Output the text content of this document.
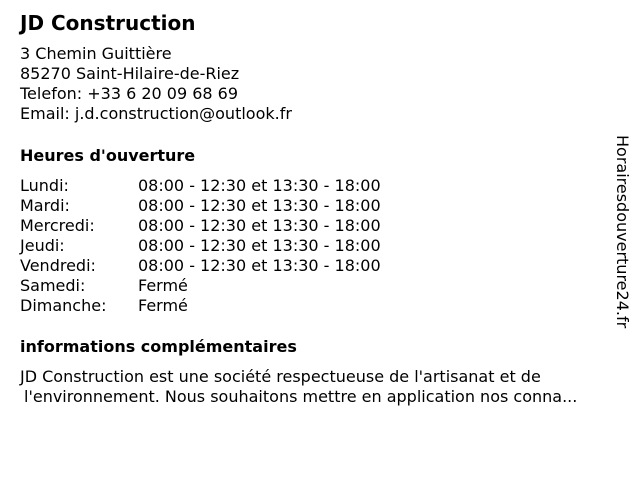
JD Construction
3 Chemin Guittière
85270 Saint-Hilaire-de-Riez
Telefon: +33 6 20 09 68 69
Email: j.d.construction@outlook.fr
Heures d'ouverture
Lundi:	08:00 - 12:30 et 13:30 - 18:00
Mardi:	08:00 - 12:30 et 13:30 - 18:00
Mercredi:	08:00 - 12:30 et 13:30 - 18:00
Jeudi:	08:00 - 12:30 et 13:30 - 18:00
Vendredi:	08:00 - 12:30 et 13:30 - 18:00
Samedi:	Fermé
Dimanche:	Fermé
informations complémentaires
JD Construction est une société respectueuse de l'artisanat et de
l'environnement. Nous souhaitons mettre en application nos conna...
Horairesdouverture24.fr
